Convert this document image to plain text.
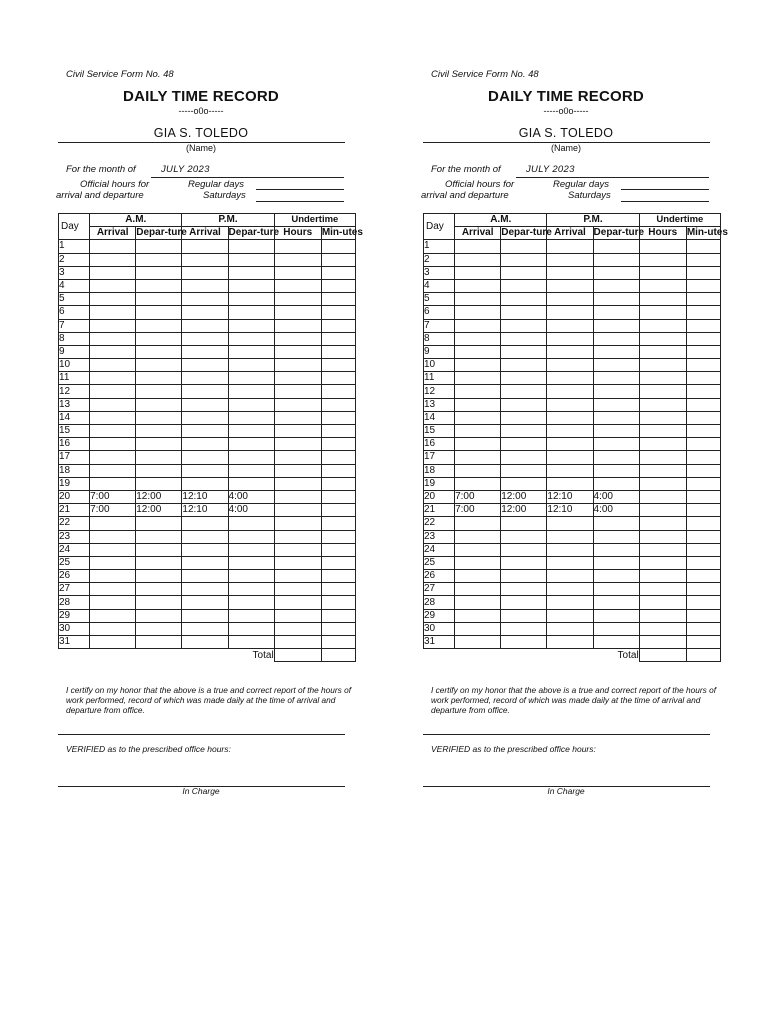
Civil Service Form No. 48
DAILY TIME RECORD
-----o0o-----
GIA S. TOLEDO
(Name)
For the month of	JULY 2023
Official hours for
arrival and departure
Regular days
Saturdays
Day	A.M.		P.M.		Undertime	
	Arrival	Depar-ture	Arrival	Depar-ture	Hours	Min-utes
1						
2						
3						
4						
5						
6						
7						
8						
9						
10						
11						
12						
13						
14						
15						
16						
17						
18						
19						
20	7:00	12:00	12:10	4:00		
21	7:00	12:00	12:10	4:00		
22						
23						
24						
25						
26						
27						
28						
29						
30						
31						
Total						
I certify on my honor that the above is a true and correct report of the hours of work performed, record of which was made daily at the time of arrival and departure from office.
VERIFIED as to the prescribed office hours:
In Charge
Civil Service Form No. 48
DAILY TIME RECORD
-----o0o-----
GIA S. TOLEDO
(Name)
For the month of	JULY 2023
Official hours for
arrival and departure
Regular days
Saturdays
Day	A.M.		P.M.		Undertime	
	Arrival	Depar-ture	Arrival	Depar-ture	Hours	Min-utes
1						
2						
3						
4						
5						
6						
7						
8						
9						
10						
11						
12						
13						
14						
15						
16						
17						
18						
19						
20	7:00	12:00	12:10	4:00		
21	7:00	12:00	12:10	4:00		
22						
23						
24						
25						
26						
27						
28						
29						
30						
31						
Total						
I certify on my honor that the above is a true and correct report of the hours of work performed, record of which was made daily at the time of arrival and departure from office.
VERIFIED as to the prescribed office hours:
In Charge
